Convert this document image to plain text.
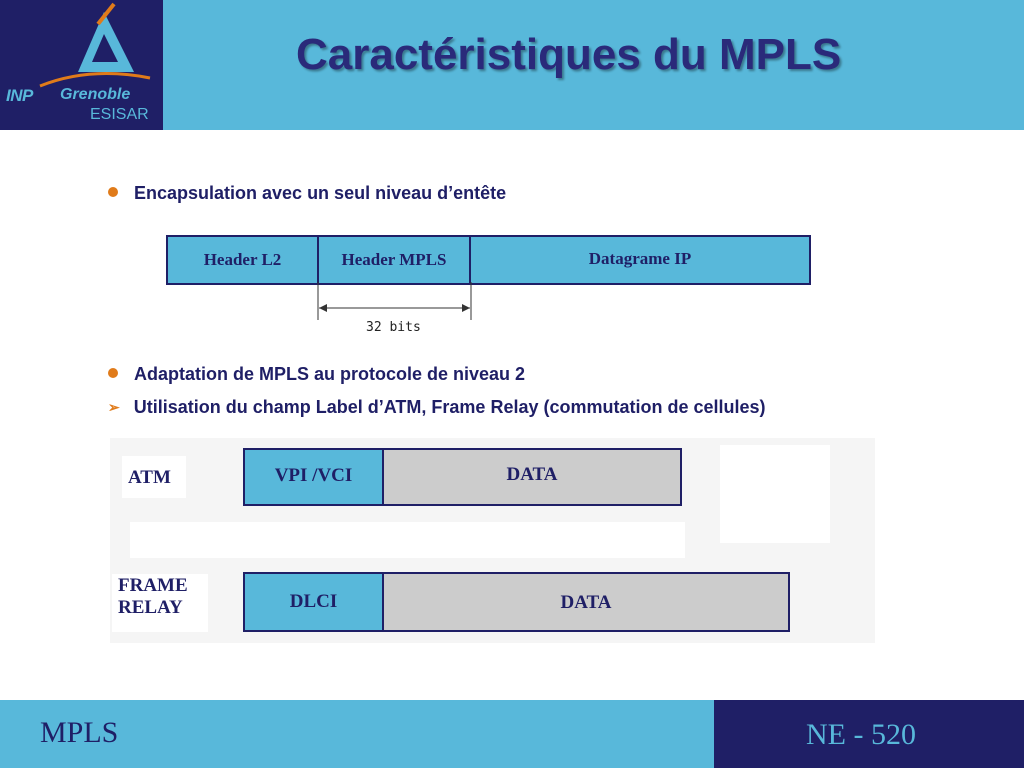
INP Grenoble
ESISAR
Caractéristiques du MPLS
Encapsulation avec un seul niveau d’entête
Header L2	Header MPLS	Datagrame IP
32 bits
Adaptation de MPLS au protocole de niveau 2
➢ Utilisation du champ Label d’ATM, Frame Relay (commutation de cellules)
ATM	VPI /VCI	DATA
FRAME
RELAY	DLCI	DATA
MPLS	NE - 520
